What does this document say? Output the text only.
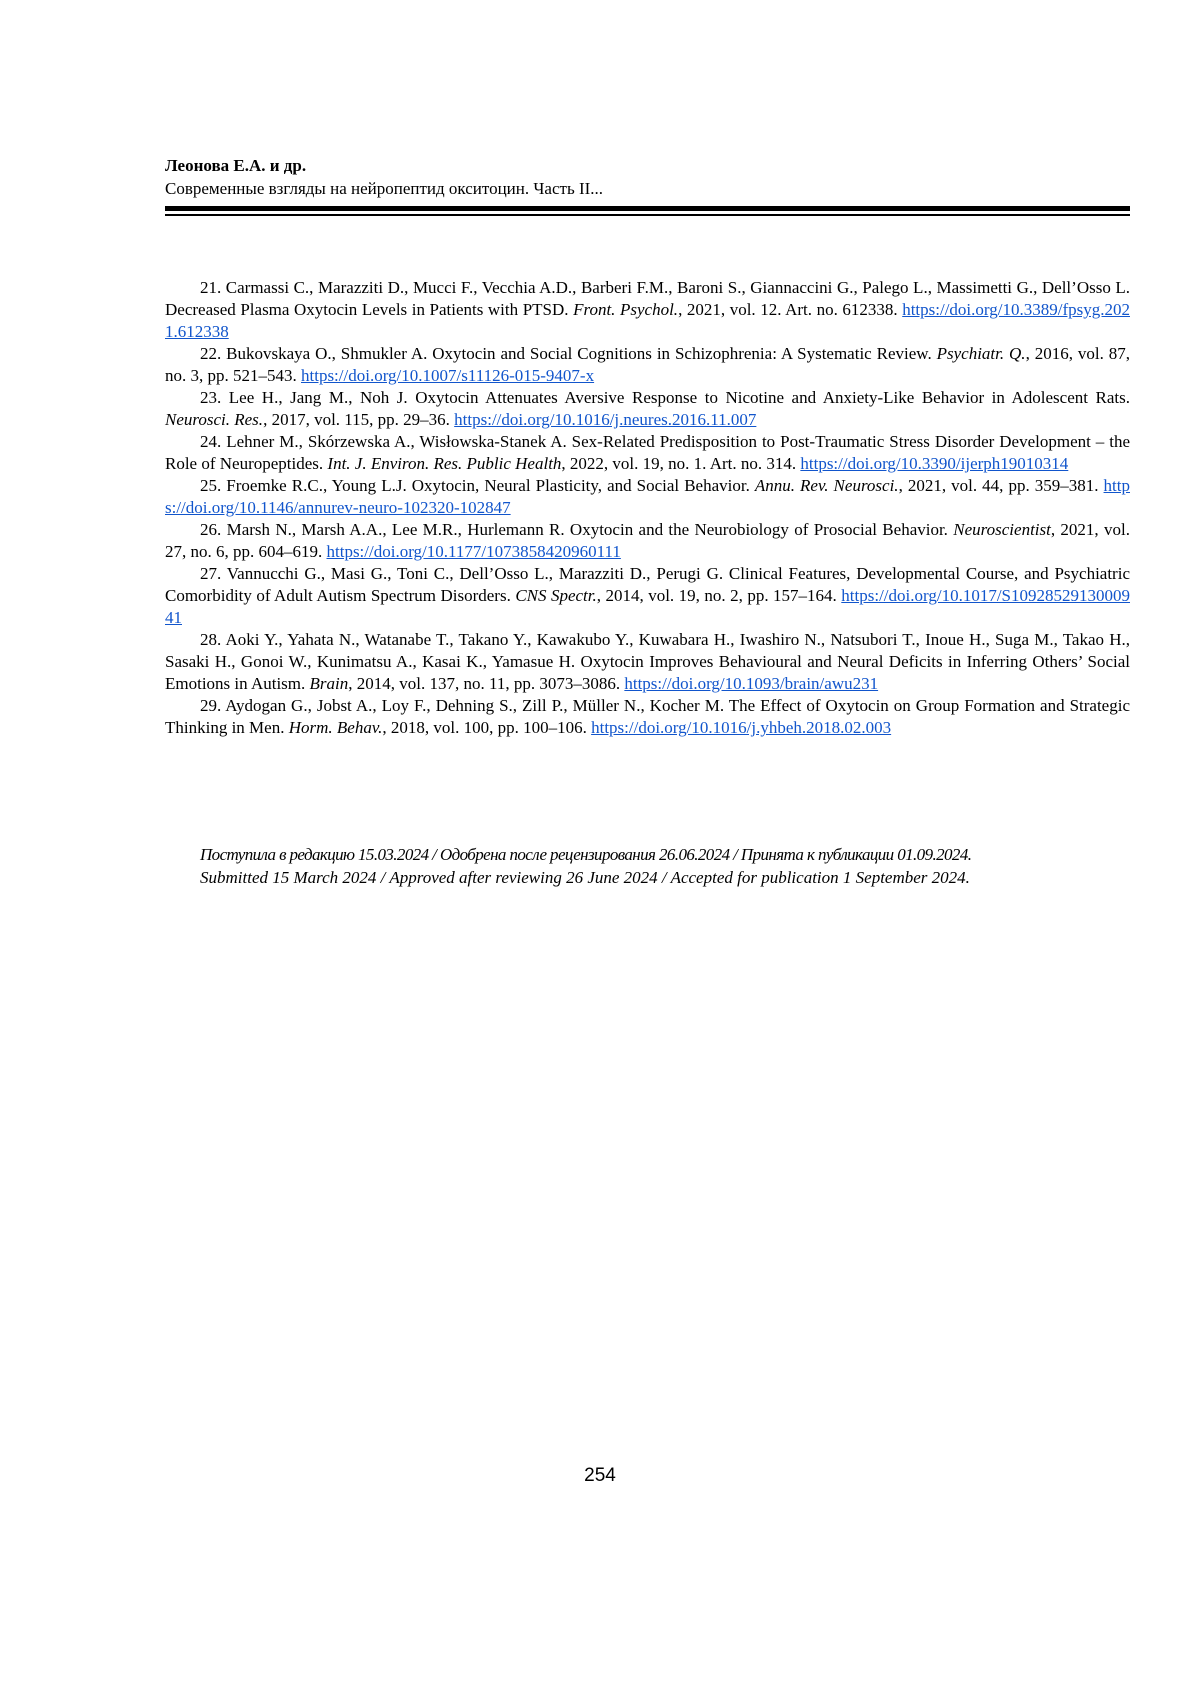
Леонова Е.А. и др.
Современные взгляды на нейропептид окситоцин. Часть II...

21. Carmassi C., Marazziti D., Mucci F., Vecchia A.D., Barberi F.M., Baroni S., Giannaccini G., Palego L., Massimetti G., Dell’Osso L. Decreased Plasma Oxytocin Levels in Patients with PTSD. Front. Psychol., 2021, vol. 12. Art. no. 612338. https://doi.org/10.3389/fpsyg.2021.612338

22. Bukovskaya O., Shmukler A. Oxytocin and Social Cognitions in Schizophrenia: A Systematic Review. Psychiatr. Q., 2016, vol. 87, no. 3, pp. 521–543. https://doi.org/10.1007/s11126-015-9407-x

23. Lee H., Jang M., Noh J. Oxytocin Attenuates Aversive Response to Nicotine and Anxiety-Like Behavior in Adolescent Rats. Neurosci. Res., 2017, vol. 115, pp. 29–36. https://doi.org/10.1016/j.neures.2016.11.007

24. Lehner M., Skórzewska A., Wisłowska-Stanek A. Sex-Related Predisposition to Post-Traumatic Stress Disorder Development – the Role of Neuropeptides. Int. J. Environ. Res. Public Health, 2022, vol. 19, no. 1. Art. no. 314. https://doi.org/10.3390/ijerph19010314

25. Froemke R.C., Young L.J. Oxytocin, Neural Plasticity, and Social Behavior. Annu. Rev. Neurosci., 2021, vol. 44, pp. 359–381. https://doi.org/10.1146/annurev-neuro-102320-102847

26. Marsh N., Marsh A.A., Lee M.R., Hurlemann R. Oxytocin and the Neurobiology of Prosocial Behavior. Neuroscientist, 2021, vol. 27, no. 6, pp. 604–619. https://doi.org/10.1177/1073858420960111

27. Vannucchi G., Masi G., Toni C., Dell’Osso L., Marazziti D., Perugi G. Clinical Features, Developmental Course, and Psychiatric Comorbidity of Adult Autism Spectrum Disorders. CNS Spectr., 2014, vol. 19, no. 2, pp. 157–164. https://doi.org/10.1017/S1092852913000941

28. Aoki Y., Yahata N., Watanabe T., Takano Y., Kawakubo Y., Kuwabara H., Iwashiro N., Natsubori T., Inoue H., Suga M., Takao H., Sasaki H., Gonoi W., Kunimatsu A., Kasai K., Yamasue H. Oxytocin Improves Behavioural and Neural Deficits in Inferring Others’ Social Emotions in Autism. Brain, 2014, vol. 137, no. 11, pp. 3073–3086. https://doi.org/10.1093/brain/awu231

29. Aydogan G., Jobst A., Loy F., Dehning S., Zill P., Müller N., Kocher M. The Effect of Oxytocin on Group Formation and Strategic Thinking in Men. Horm. Behav., 2018, vol. 100, pp. 100–106. https://doi.org/10.1016/j.yhbeh.2018.02.003

Поступила в редакцию 15.03.2024 / Одобрена после рецензирования 26.06.2024 / Принята к публикации 01.09.2024.

Submitted 15 March 2024 / Approved after reviewing 26 June 2024 / Accepted for publication 1 September 2024.

254
